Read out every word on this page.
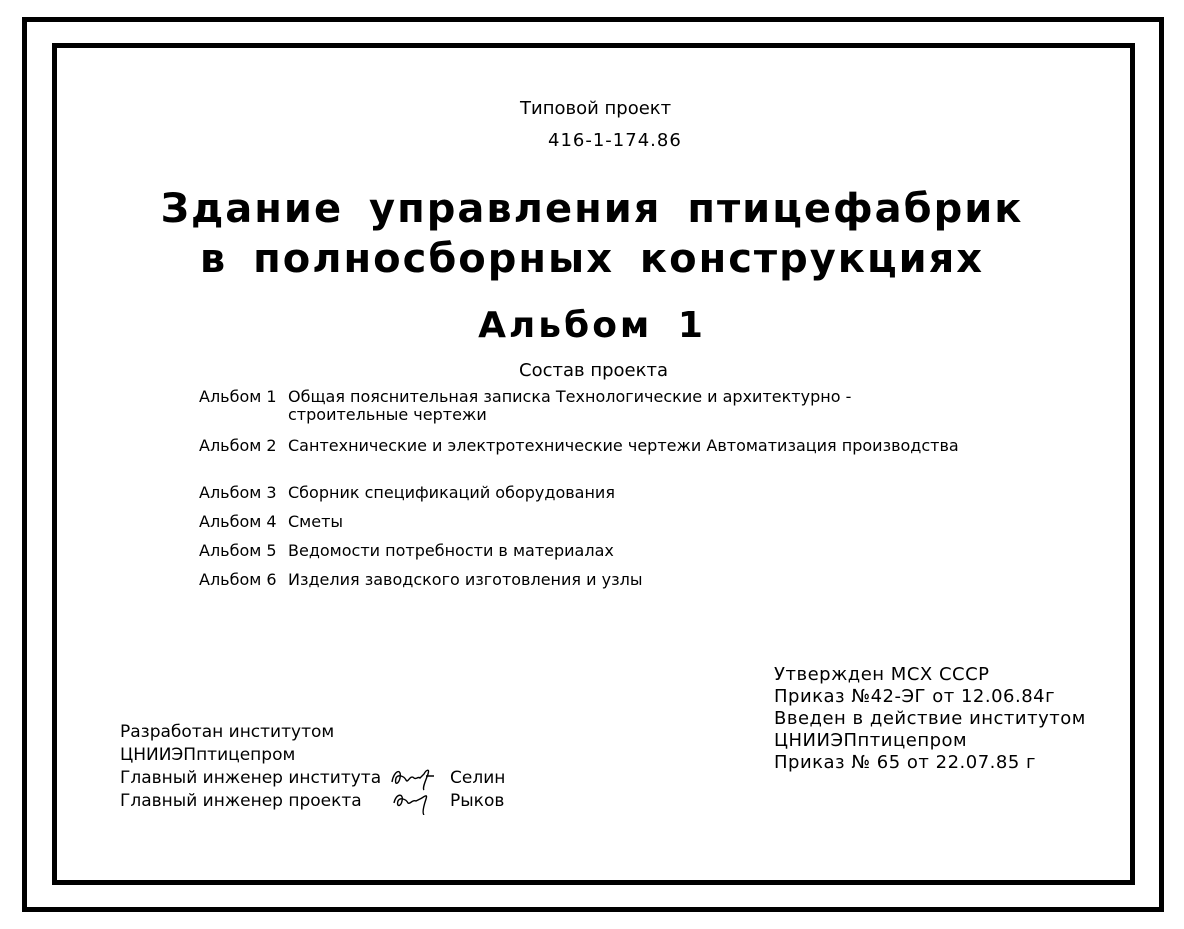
Типовой проект
416-1-174.86
Здание управления птицефабрик
в полносборных конструкциях
Альбом 1
Состав проекта
Альбом 1 Общая пояснительная записка Технологические и архитектурно - строительные чертежи
Альбом 2 Сантехнические и электротехнические чертежи Автоматизация производства
Альбом 3 Сборник спецификаций оборудования
Альбом 4 Сметы
Альбом 5 Ведомости потребности в материалах
Альбом 6 Изделия заводского изготовления и узлы
Утвержден МСХ СССР
Приказ №42-ЭГ от 12.06.84г
Введен в действие институтом
ЦНИИЭПптицепром
Приказ № 65 от 22.07.85 г
Разработан институтом
ЦНИИЭПптицепром
Главный инженер института	Селин
Главный инженер проекта	Рыков
